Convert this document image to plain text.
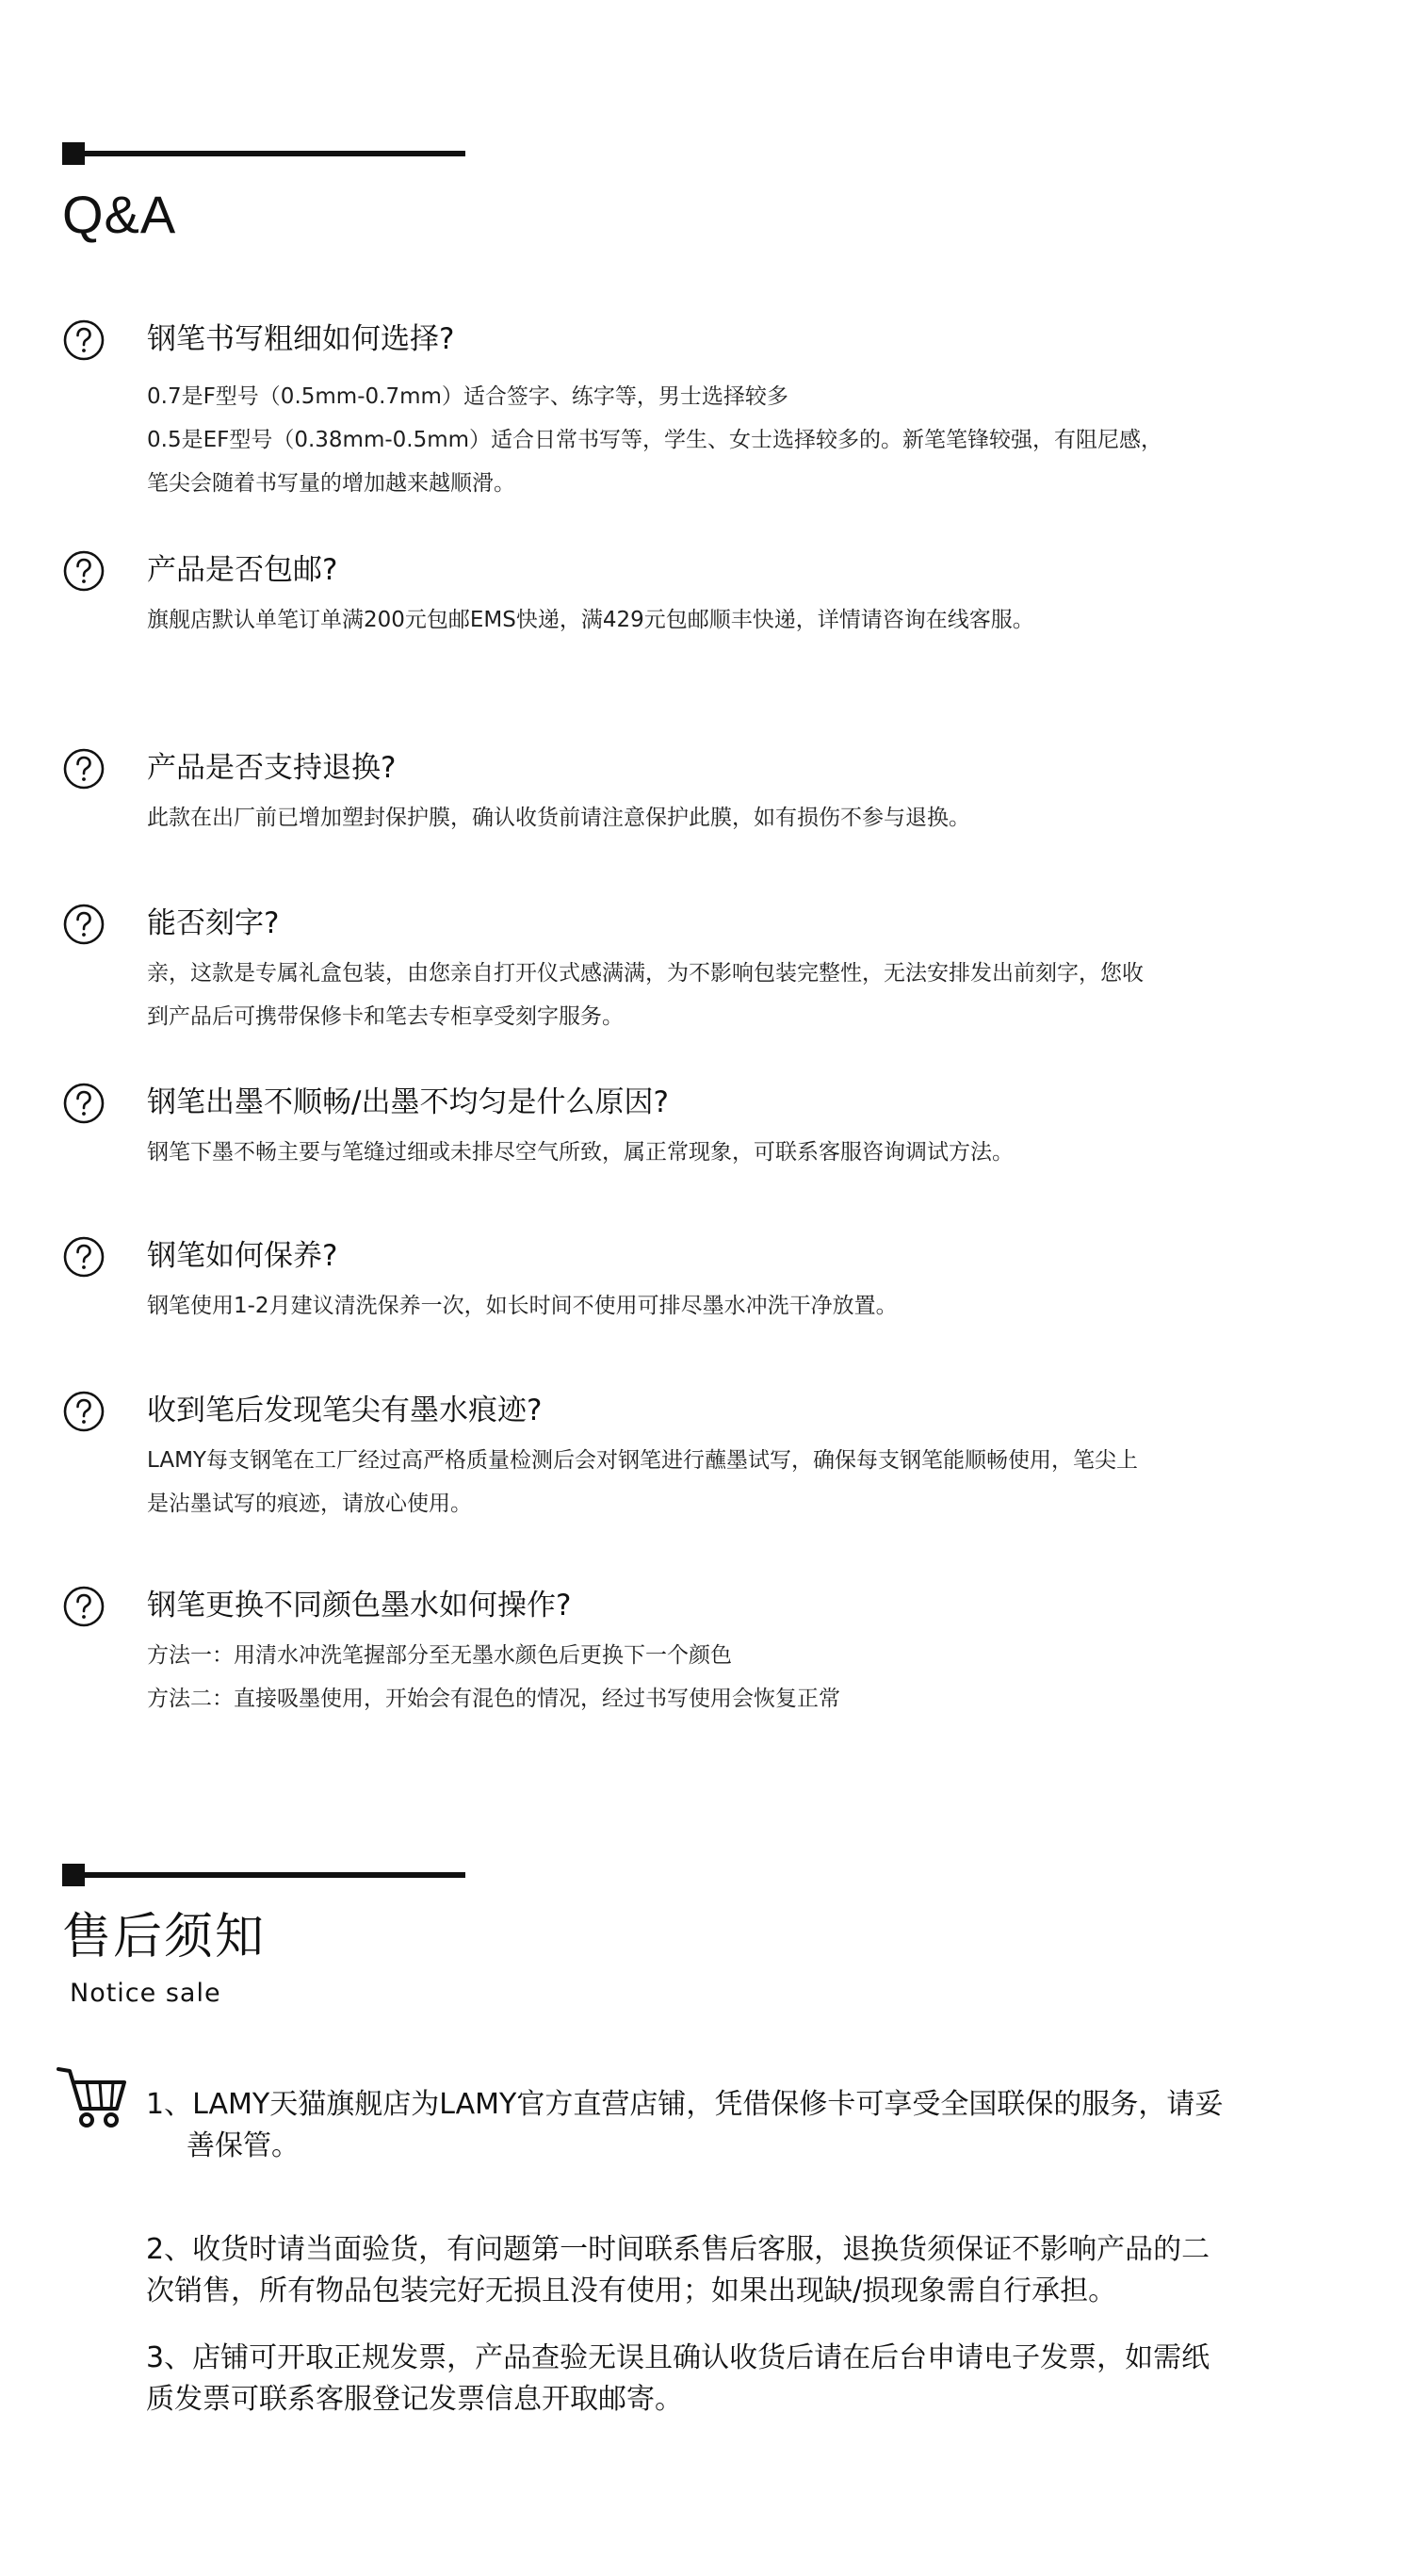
Q&A
钢笔书写粗细如何选择?
0.7是F型号（0.5mm-0.7mm）适合签字、练字等，男士选择较多
0.5是EF型号（0.38mm-0.5mm）适合日常书写等，学生、女士选择较多的。新笔笔锋较强，有阻尼感，
笔尖会随着书写量的增加越来越顺滑。
产品是否包邮?
旗舰店默认单笔订单满200元包邮EMS快递，满429元包邮顺丰快递，详情请咨询在线客服。
产品是否支持退换?
此款在出厂前已增加塑封保护膜，确认收货前请注意保护此膜，如有损伤不参与退换。
能否刻字?
亲，这款是专属礼盒包装，由您亲自打开仪式感满满，为不影响包装完整性，无法安排发出前刻字，您收
到产品后可携带保修卡和笔去专柜享受刻字服务。
钢笔出墨不顺畅/出墨不均匀是什么原因?
钢笔下墨不畅主要与笔缝过细或未排尽空气所致，属正常现象，可联系客服咨询调试方法。
钢笔如何保养?
钢笔使用1-2月建议清洗保养一次，如长时间不使用可排尽墨水冲洗干净放置。
收到笔后发现笔尖有墨水痕迹?
LAMY每支钢笔在工厂经过高严格质量检测后会对钢笔进行蘸墨试写，确保每支钢笔能顺畅使用，笔尖上
是沾墨试写的痕迹，请放心使用。
钢笔更换不同颜色墨水如何操作?
方法一：用清水冲洗笔握部分至无墨水颜色后更换下一个颜色
方法二：直接吸墨使用，开始会有混色的情况，经过书写使用会恢复正常
售后须知
Notice sale
1、LAMY天猫旗舰店为LAMY官方直营店铺，凭借保修卡可享受全国联保的服务，请妥
善保管。
2、收货时请当面验货，有问题第一时间联系售后客服，退换货须保证不影响产品的二
次销售，所有物品包装完好无损且没有使用；如果出现缺/损现象需自行承担。
3、店铺可开取正规发票，产品查验无误且确认收货后请在后台申请电子发票，如需纸
质发票可联系客服登记发票信息开取邮寄。
